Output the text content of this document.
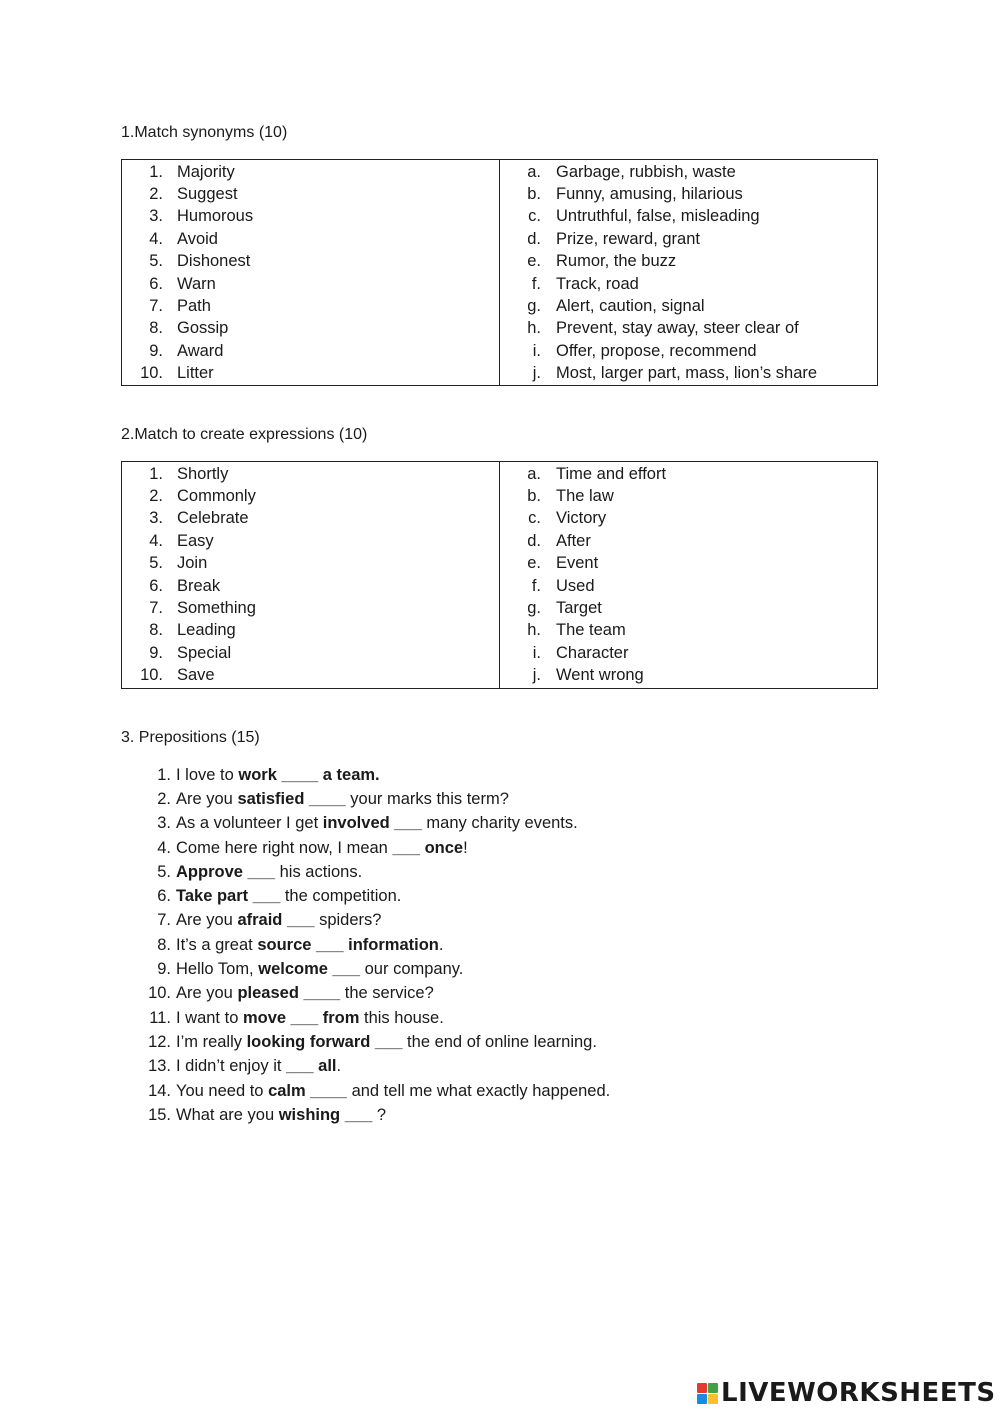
1.Match synonyms (10)
1. Majority
2. Suggest
3. Humorous
4. Avoid
5. Dishonest
6. Warn
7. Path
8. Gossip
9. Award
10. Litter
a. Garbage, rubbish, waste
b. Funny, amusing, hilarious
c. Untruthful, false, misleading
d. Prize, reward, grant
e. Rumor, the buzz
f. Track, road
g. Alert, caution, signal
h. Prevent, stay away, steer clear of
i. Offer, propose, recommend
j. Most, larger part, mass, lion’s share
2.Match to create expressions (10)
1. Shortly
2. Commonly
3. Celebrate
4. Easy
5. Join
6. Break
7. Something
8. Leading
9. Special
10. Save
a. Time and effort
b. The law
c. Victory
d. After
e. Event
f. Used
g. Target
h. The team
i. Character
j. Went wrong
3. Prepositions (15)
1. I love to work ____ a team.
2. Are you satisfied ____ your marks this term?
3. As a volunteer I get involved ___ many charity events.
4. Come here right now, I mean ___ once!
5. Approve ___ his actions.
6. Take part ___ the competition.
7. Are you afraid ___ spiders?
8. It’s a great source ___ information.
9. Hello Tom, welcome ___ our company.
10. Are you pleased ____ the service?
11. I want to move ___ from this house.
12. I’m really looking forward ___ the end of online learning.
13. I didn’t enjoy it ___ all.
14. You need to calm ____ and tell me what exactly happened.
15. What are you wishing ___ ?
LIVEWORKSHEETS
